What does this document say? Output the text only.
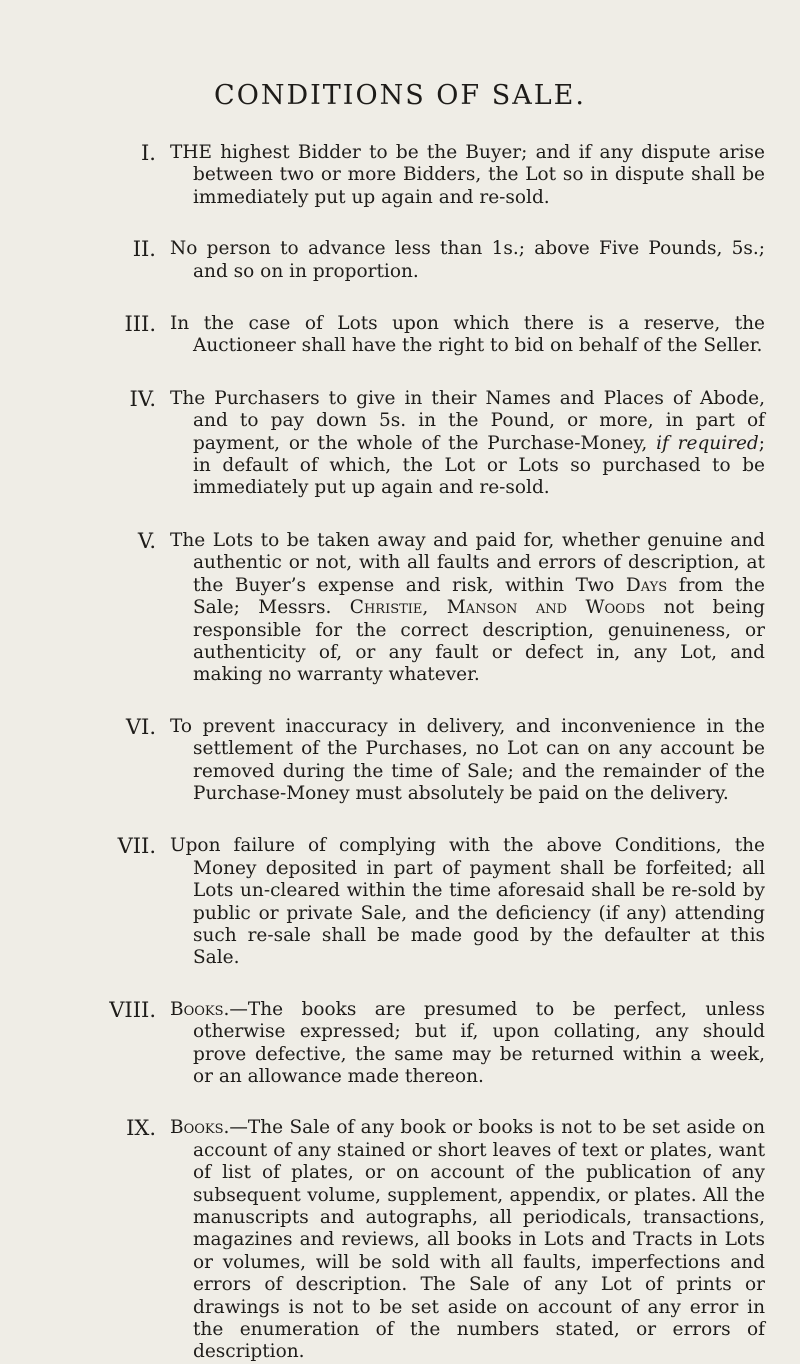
CONDITIONS OF SALE.
I. THE highest Bidder to be the Buyer; and if any dispute arise between two or more Bidders, the Lot so in dispute shall be immediately put up again and re-sold.

II. No person to advance less than 1s.; above Five Pounds, 5s.; and so on in proportion.

III. In the case of Lots upon which there is a reserve, the Auctioneer shall have the right to bid on behalf of the Seller.

IV. The Purchasers to give in their Names and Places of Abode, and to pay down 5s. in the Pound, or more, in part of payment, or the whole of the Purchase-Money, if required; in default of which, the Lot or Lots so purchased to be immediately put up again and re-sold.

V. The Lots to be taken away and paid for, whether genuine and authentic or not, with all faults and errors of description, at the Buyer’s expense and risk, within Two Days from the Sale; Messrs. Christie, Manson and Woods not being responsible for the correct description, genuineness, or authenticity of, or any fault or defect in, any Lot, and making no warranty whatever.

VI. To prevent inaccuracy in delivery, and inconvenience in the settlement of the Purchases, no Lot can on any account be removed during the time of Sale; and the remainder of the Purchase-Money must absolutely be paid on the delivery.

VII. Upon failure of complying with the above Conditions, the Money deposited in part of payment shall be forfeited; all Lots un-cleared within the time aforesaid shall be re-sold by public or private Sale, and the deficiency (if any) attending such re-sale shall be made good by the defaulter at this Sale.

VIII. Books.—The books are presumed to be perfect, unless otherwise expressed; but if, upon collating, any should prove defective, the same may be returned within a week, or an allowance made thereon.

IX. Books.—The Sale of any book or books is not to be set aside on account of any stained or short leaves of text or plates, want of list of plates, or on account of the publication of any subsequent volume, supplement, appendix, or plates. All the manuscripts and autographs, all periodicals, transactions, magazines and reviews, all books in Lots and Tracts in Lots or volumes, will be sold with all faults, imperfections and errors of description. The Sale of any Lot of prints or drawings is not to be set aside on account of any error in the enumeration of the numbers stated, or errors of description.
